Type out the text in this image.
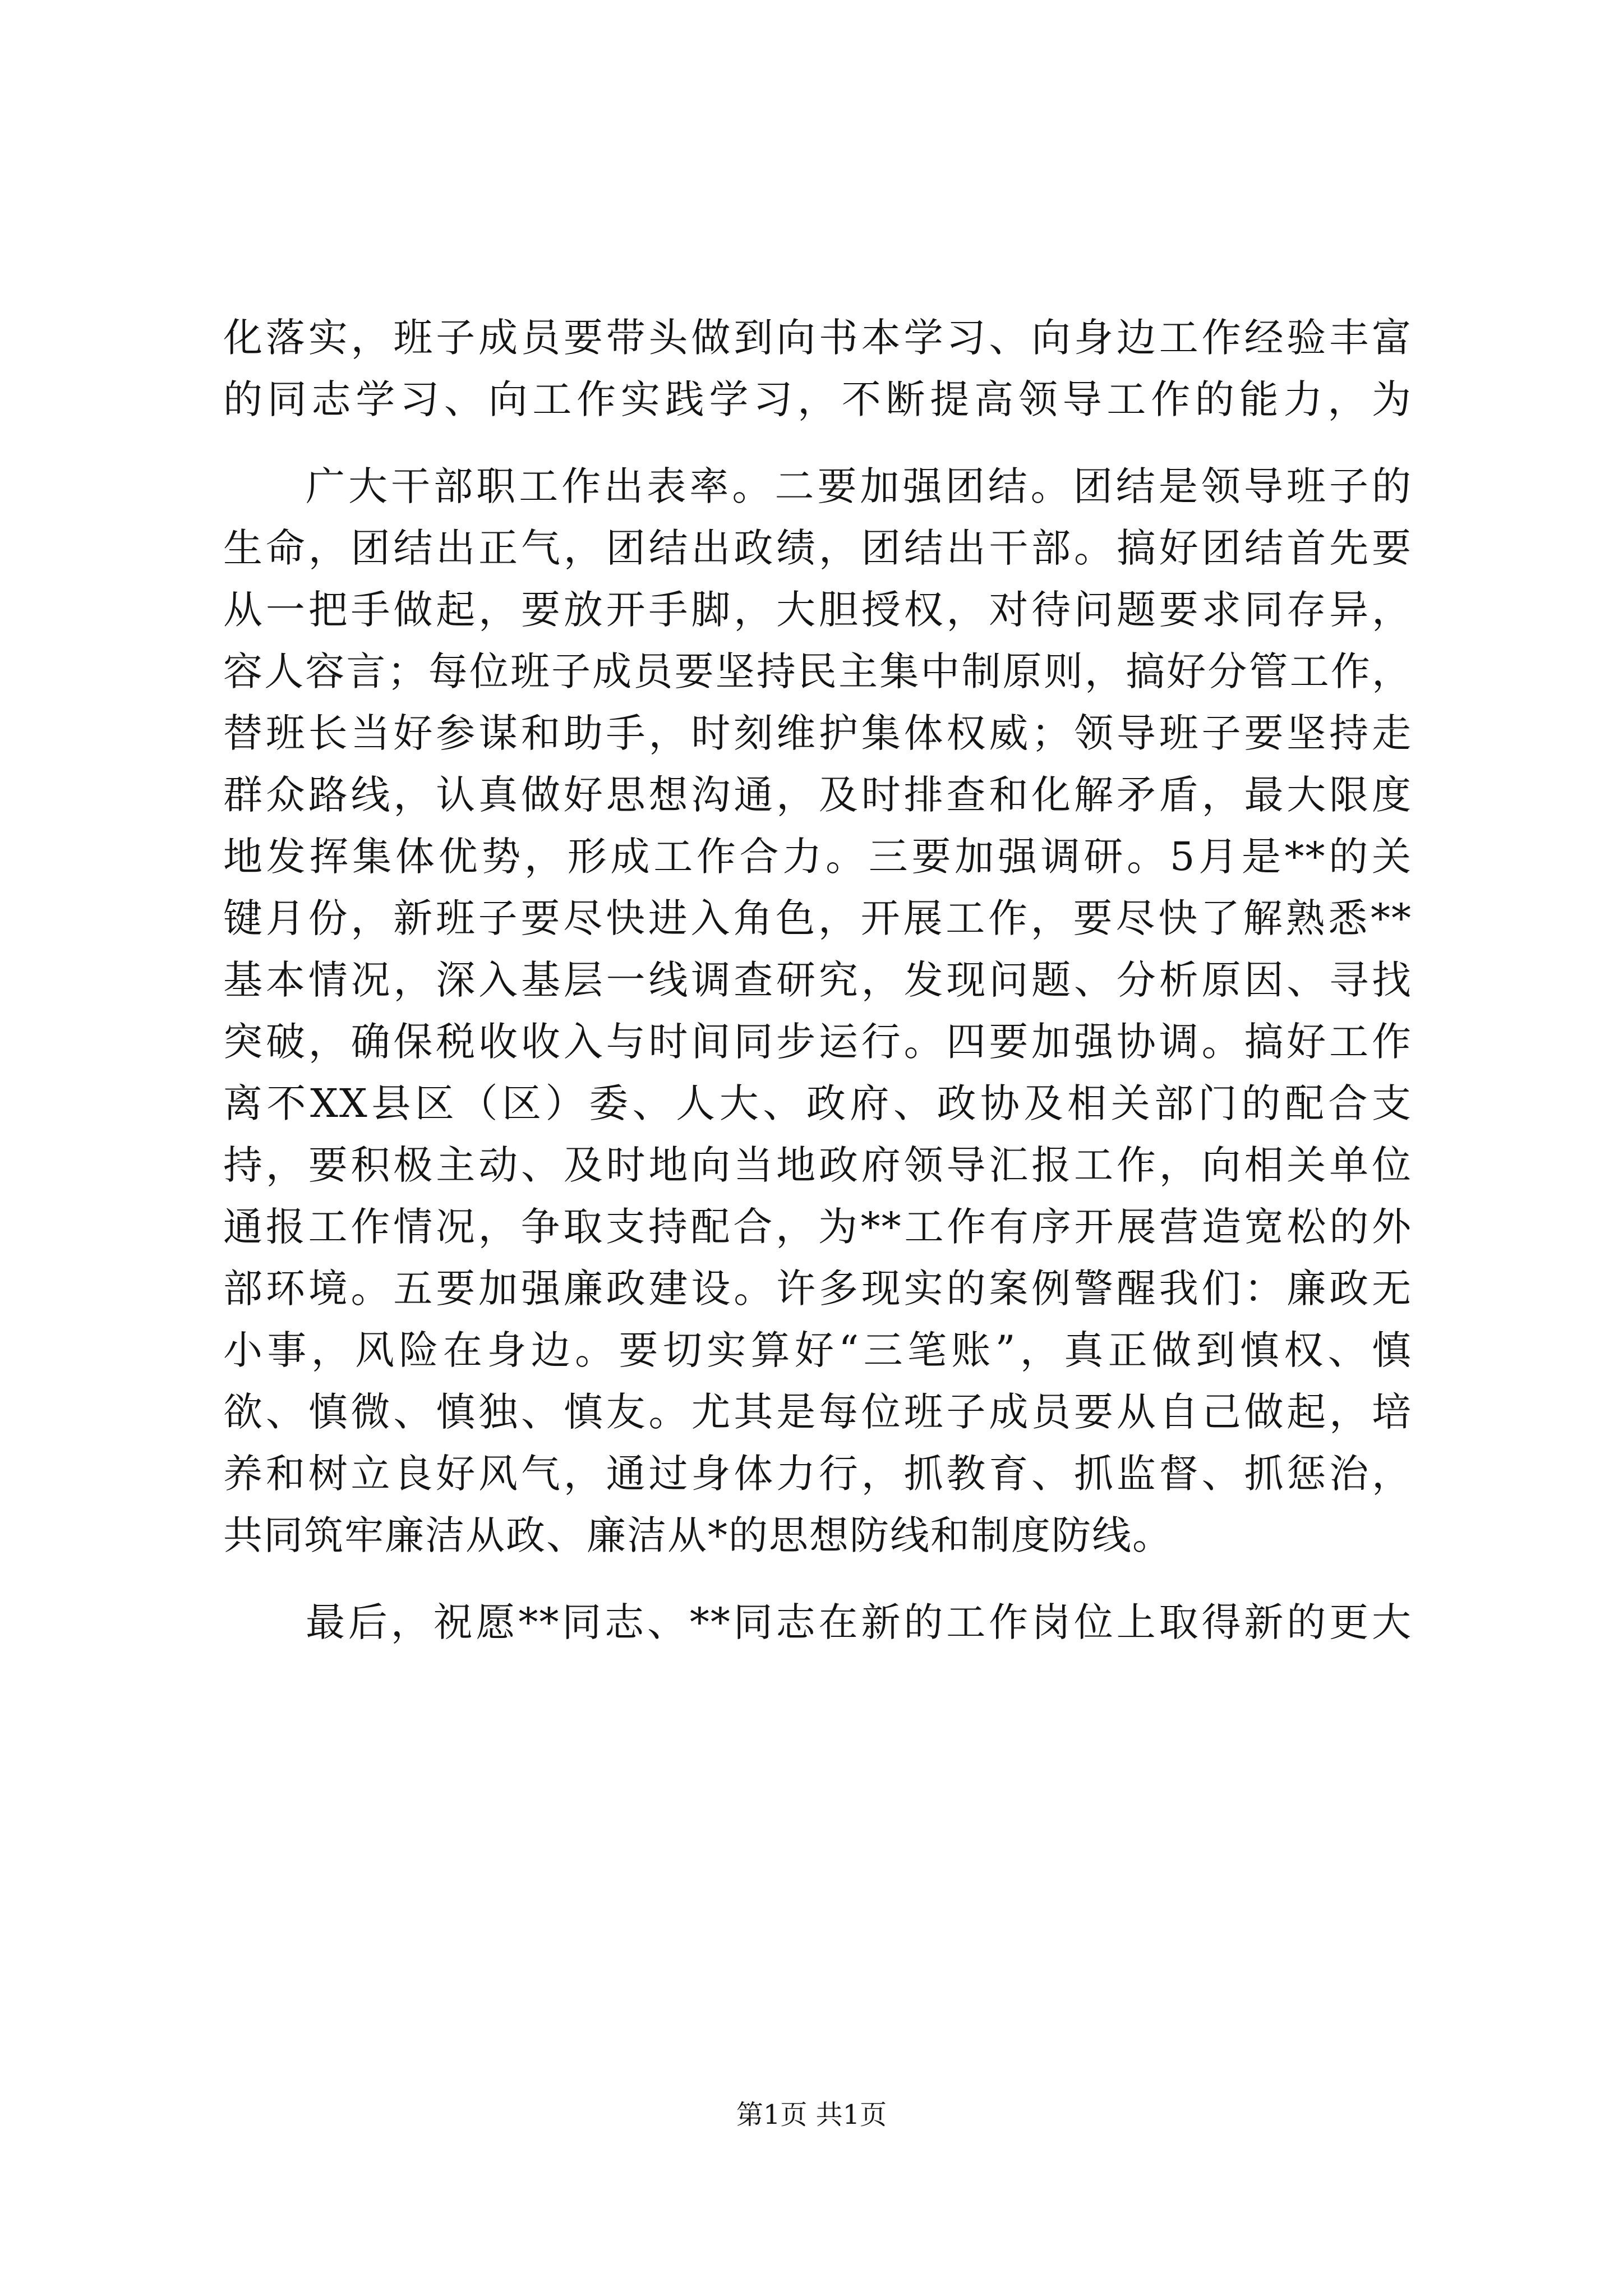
化落实，班子成员要带头做到向书本学习、向身边工作经验丰富
的同志学习、向工作实践学习，不断提高领导工作的能力，为
广大干部职工作出表率。二要加强团结。团结是领导班子的
生命，团结出正气，团结出政绩，团结出干部。搞好团结首先要
从一把手做起，要放开手脚，大胆授权，对待问题要求同存异，
容人容言；每位班子成员要坚持民主集中制原则，搞好分管工作，
替班长当好参谋和助手，时刻维护集体权威；领导班子要坚持走
群众路线，认真做好思想沟通，及时排查和化解矛盾，最大限度
地发挥集体优势，形成工作合力。三要加强调研。5月是**的关
键月份，新班子要尽快进入角色，开展工作，要尽快了解熟悉**
基本情况，深入基层一线调查研究，发现问题、分析原因、寻找
突破，确保税收收入与时间同步运行。四要加强协调。搞好工作
离不XX县区（区）委、人大、政府、政协及相关部门的配合支
持，要积极主动、及时地向当地政府领导汇报工作，向相关单位
通报工作情况，争取支持配合，为**工作有序开展营造宽松的外
部环境。五要加强廉政建设。许多现实的案例警醒我们：廉政无
小事，风险在身边。要切实算好“三笔账”，真正做到慎权、慎
欲、慎微、慎独、慎友。尤其是每位班子成员要从自己做起，培
养和树立良好风气，通过身体力行，抓教育、抓监督、抓惩治，
共同筑牢廉洁从政、廉洁从*的思想防线和制度防线。
最后，祝愿**同志、**同志在新的工作岗位上取得新的更大
第1页 共1页
